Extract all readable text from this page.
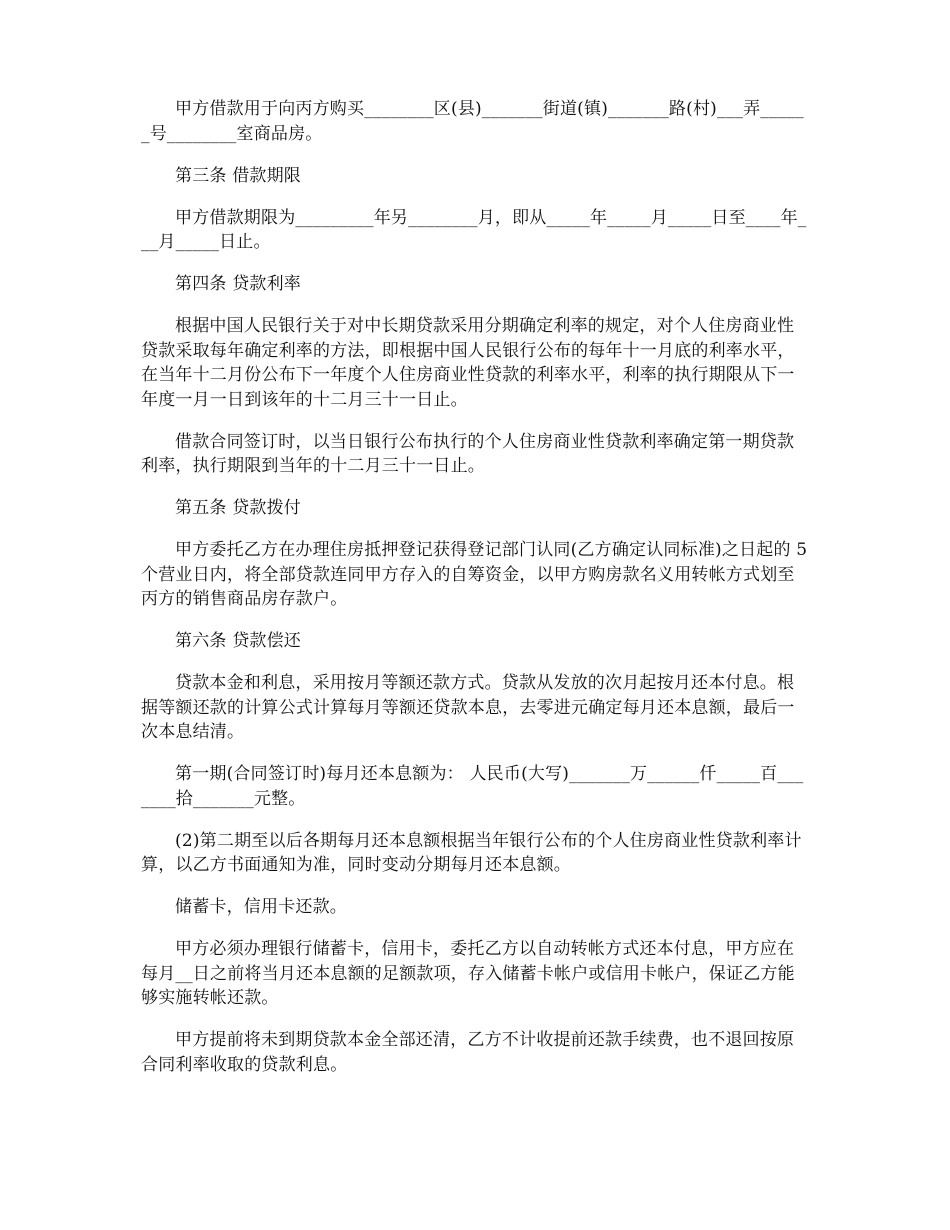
甲方借款用于向丙方购买________区(县)_______街道(镇)_______路(村)___弄______号________室商品房。

第三条 借款期限

甲方借款期限为_________年另________月，即从_____年_____月_____日至____年___月_____日止。

第四条 贷款利率

根据中国人民银行关于对中长期贷款采用分期确定利率的规定，对个人住房商业性贷款采取每年确定利率的方法，即根据中国人民银行公布的每年十一月底的利率水平，在当年十二月份公布下一年度个人住房商业性贷款的利率水平，利率的执行期限从下一年度一月一日到该年的十二月三十一日止。

借款合同签订时，以当日银行公布执行的个人住房商业性贷款利率确定第一期贷款利率，执行期限到当年的十二月三十一日止。

第五条 贷款拨付

甲方委托乙方在办理住房抵押登记获得登记部门认同(乙方确定认同标准)之日起的 5 个营业日内，将全部贷款连同甲方存入的自筹资金，以甲方购房款名义用转帐方式划至丙方的销售商品房存款户。

第六条 贷款偿还

贷款本金和利息，采用按月等额还款方式。贷款从发放的次月起按月还本付息。根据等额还款的计算公式计算每月等额还贷款本息，去零进元确定每月还本息额，最后一次本息结清。

第一期(合同签订时)每月还本息额为： 人民币(大写)_______万______仟_____百_______拾_______元整。

(2)第二期至以后各期每月还本息额根据当年银行公布的个人住房商业性贷款利率计算，以乙方书面通知为准，同时变动分期每月还本息额。

储蓄卡，信用卡还款。

甲方必须办理银行储蓄卡，信用卡，委托乙方以自动转帐方式还本付息，甲方应在每月__日之前将当月还本息额的足额款项，存入储蓄卡帐户或信用卡帐户，保证乙方能够实施转帐还款。

甲方提前将未到期贷款本金全部还清，乙方不计收提前还款手续费，也不退回按原合同利率收取的贷款利息。
